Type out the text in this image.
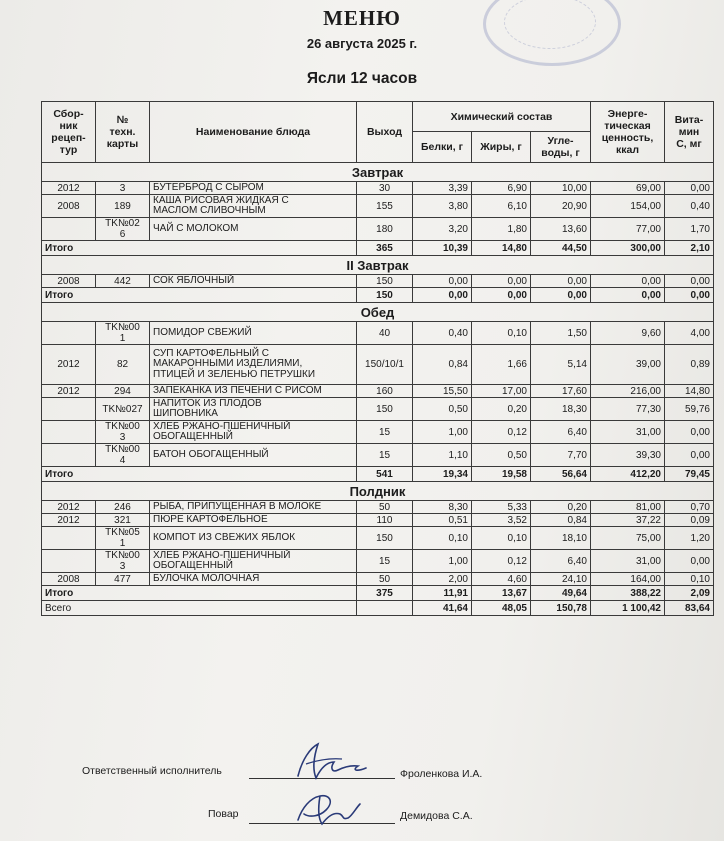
МЕНЮ
26 августа 2025 г.
Ясли 12 часов
Сбор-
ник
рецеп-
тур	№
техн.
карты	Наименование блюда	Выход	Химический состав			Энерге-
тическая
ценность,
ккал	Вита-
мин
С, мг
				Белки, г	Жиры, г	Угле-
воды, г		
Завтрак								
2012	3	БУТЕРБРОД С СЫРОМ	30	3,39	6,90	10,00	69,00	0,00
2008	189	КАША РИСОВАЯ ЖИДКАЯ С
МАСЛОМ СЛИВОЧНЫМ	155	3,80	6,10	20,90	154,00	0,40
	TK№02
6	ЧАЙ С МОЛОКОМ	180	3,20	1,80	13,60	77,00	1,70
Итого			365	10,39	14,80	44,50	300,00	2,10
II Завтрак								
2008	442	СОК ЯБЛОЧНЫЙ	150	0,00	0,00	0,00	0,00	0,00
Итого			150	0,00	0,00	0,00	0,00	0,00
Обед								
	TK№00
1	ПОМИДОР СВЕЖИЙ	40	0,40	0,10	1,50	9,60	4,00
2012	82	СУП КАРТОФЕЛЬНЫЙ С
МАКАРОННЫМИ ИЗДЕЛИЯМИ,
ПТИЦЕЙ И ЗЕЛЕНЬЮ ПЕТРУШКИ	150/10/1	0,84	1,66	5,14	39,00	0,89
2012	294	ЗАПЕКАНКА ИЗ ПЕЧЕНИ С РИСОМ	160	15,50	17,00	17,60	216,00	14,80
	TK№027	НАПИТОК ИЗ ПЛОДОВ
ШИПОВНИКА	150	0,50	0,20	18,30	77,30	59,76
	TK№00
3	ХЛЕБ РЖАНО-ПШЕНИЧНЫЙ
ОБОГАЩЕННЫЙ	15	1,00	0,12	6,40	31,00	0,00
	TK№00
4	БАТОН ОБОГАЩЕННЫЙ	15	1,10	0,50	7,70	39,30	0,00
Итого			541	19,34	19,58	56,64	412,20	79,45
Полдник								
2012	246	РЫБА, ПРИПУЩЕННАЯ В МОЛОКЕ	50	8,30	5,33	0,20	81,00	0,70
2012	321	ПЮРЕ КАРТОФЕЛЬНОЕ	110	0,51	3,52	0,84	37,22	0,09
	TK№05
1	КОМПОТ ИЗ СВЕЖИХ ЯБЛОК	150	0,10	0,10	18,10	75,00	1,20
	TK№00
3	ХЛЕБ РЖАНО-ПШЕНИЧНЫЙ
ОБОГАЩЕННЫЙ	15	1,00	0,12	6,40	31,00	0,00
2008	477	БУЛОЧКА МОЛОЧНАЯ	50	2,00	4,60	24,10	164,00	0,10
Итого			375	11,91	13,67	49,64	388,22	2,09
Всего				41,64	48,05	150,78	1 100,42	83,64
Ответственный исполнитель	Фроленкова И.А.
Повар	Демидова С.А.
